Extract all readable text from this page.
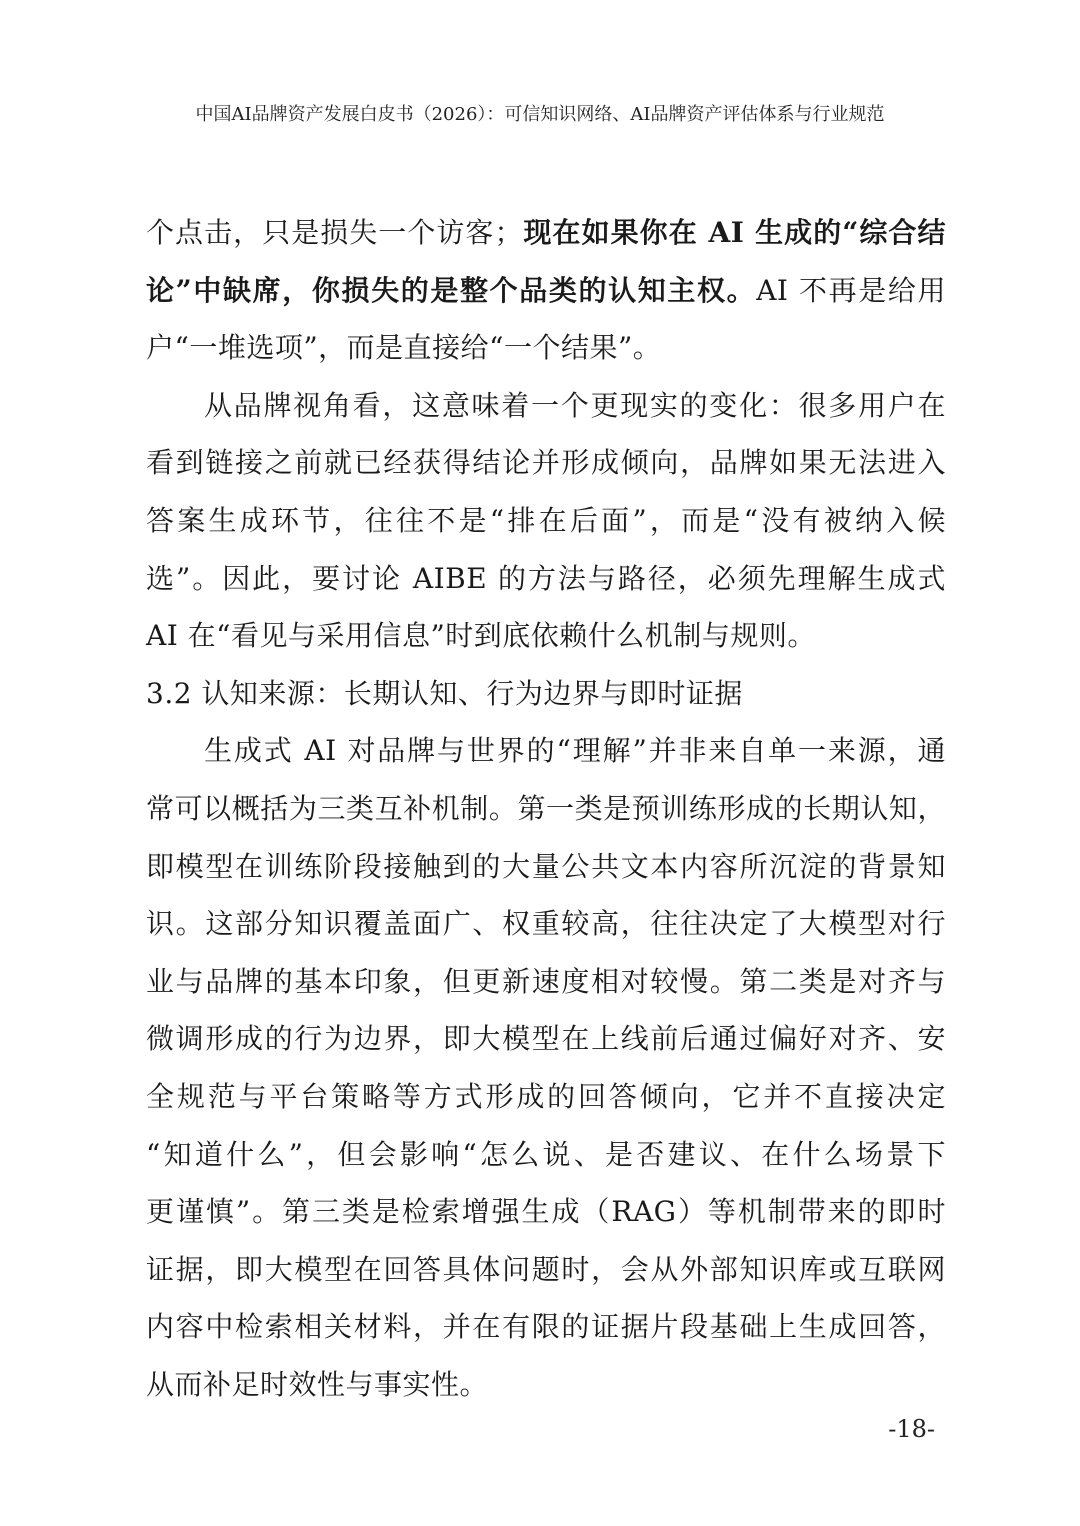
中国AI品牌资产发展白皮书（2026）：可信知识网络、AI品牌资产评估体系与行业规范
个点击，只是损失一个访客；现在如果你在 AI 生成的“综合结
论”中缺席，你损失的是整个品类的认知主权。AI 不再是给用
户“一堆选项”，而是直接给“一个结果”。
从品牌视角看，这意味着一个更现实的变化：很多用户在
看到链接之前就已经获得结论并形成倾向，品牌如果无法进入
答案生成环节，往往不是“排在后面”，而是“没有被纳入候
选”。因此，要讨论 AIBE 的方法与路径，必须先理解生成式
AI 在“看见与采用信息”时到底依赖什么机制与规则。
3.2 认知来源：长期认知、行为边界与即时证据
生成式 AI 对品牌与世界的“理解”并非来自单一来源，通
常可以概括为三类互补机制。第一类是预训练形成的长期认知，
即模型在训练阶段接触到的大量公共文本内容所沉淀的背景知
识。这部分知识覆盖面广、权重较高，往往决定了大模型对行
业与品牌的基本印象，但更新速度相对较慢。第二类是对齐与
微调形成的行为边界，即大模型在上线前后通过偏好对齐、安
全规范与平台策略等方式形成的回答倾向，它并不直接决定
“知道什么”，但会影响“怎么说、是否建议、在什么场景下
更谨慎”。第三类是检索增强生成（RAG）等机制带来的即时
证据，即大模型在回答具体问题时，会从外部知识库或互联网
内容中检索相关材料，并在有限的证据片段基础上生成回答，
从而补足时效性与事实性。
-18-
